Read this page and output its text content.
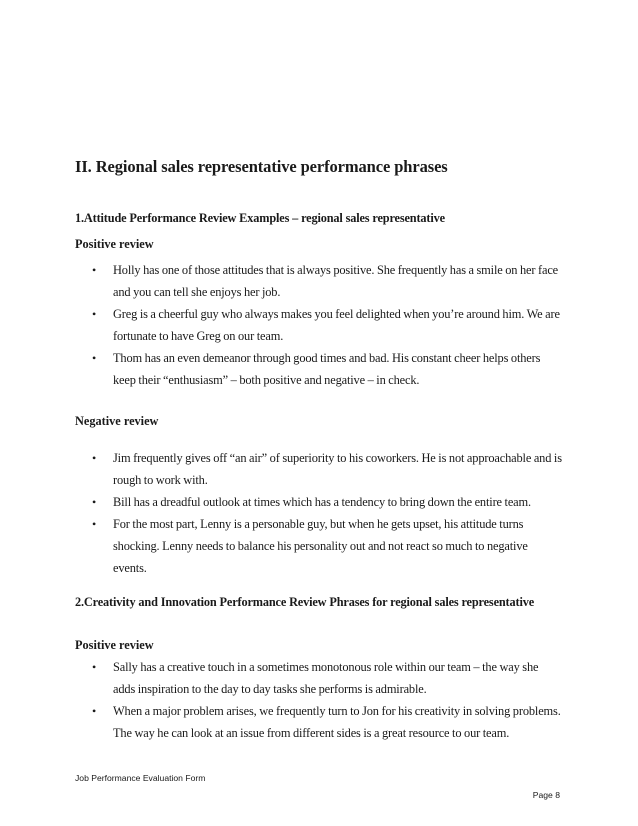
II. Regional sales representative performance phrases
1.Attitude Performance Review Examples – regional sales representative
Positive review
• Holly has one of those attitudes that is always positive. She frequently has a smile on her face and you can tell she enjoys her job.
• Greg is a cheerful guy who always makes you feel delighted when you’re around him. We are fortunate to have Greg on our team.
• Thom has an even demeanor through good times and bad. His constant cheer helps others keep their “enthusiasm” – both positive and negative – in check.
Negative review
• Jim frequently gives off “an air” of superiority to his coworkers. He is not approachable and is rough to work with.
• Bill has a dreadful outlook at times which has a tendency to bring down the entire team.
• For the most part, Lenny is a personable guy, but when he gets upset, his attitude turns shocking. Lenny needs to balance his personality out and not react so much to negative events.
2.Creativity and Innovation Performance Review Phrases for regional sales representative
Positive review
• Sally has a creative touch in a sometimes monotonous role within our team – the way she adds inspiration to the day to day tasks she performs is admirable.
• When a major problem arises, we frequently turn to Jon for his creativity in solving problems. The way he can look at an issue from different sides is a great resource to our team.
Job Performance Evaluation Form
Page 8
